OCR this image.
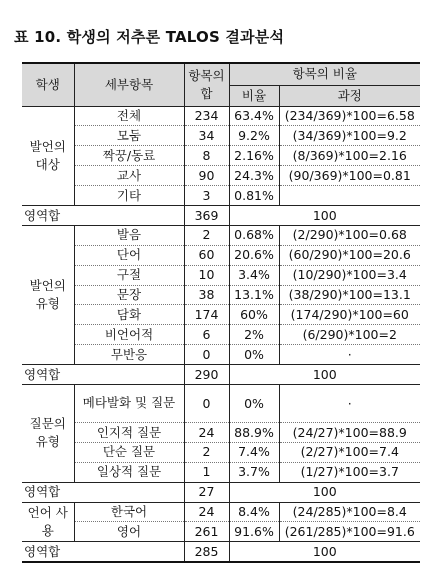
표 10. 학생의 저추론 TALOS 결과분석
학생	세부항목	항목의 합	항목의 비율	
			비율	과정
발언의 대상	전체	234	63.4%	(234/369)*100=6.58
	모둠	34	9.2%	(34/369)*100=9.2
	짝꿍/동료	8	2.16%	(8/369)*100=2.16
	교사	90	24.3%	(90/369)*100=0.81
	기타	3	0.81%	
영역합		369	100	
발언의 유형	발음	2	0.68%	(2/290)*100=0.68
	단어	60	20.6%	(60/290)*100=20.6
	구절	10	3.4%	(10/290)*100=3.4
	문장	38	13.1%	(38/290)*100=13.1
	담화	174	60%	(174/290)*100=60
	비언어적	6	2%	(6/290)*100=2
	무반응	0	0%	·
영역합		290	100	
질문의 유형	메타발화 및 질문	0	0%	·
	인지적 질문	24	88.9%	(24/27)*100=88.9
	단순 질문	2	7.4%	(2/27)*100=7.4
	일상적 질문	1	3.7%	(1/27)*100=3.7
영역합		27	100	
언어 사용	한국어	24	8.4%	(24/285)*100=8.4
	영어	261	91.6%	(261/285)*100=91.6
영역합		285	100	
